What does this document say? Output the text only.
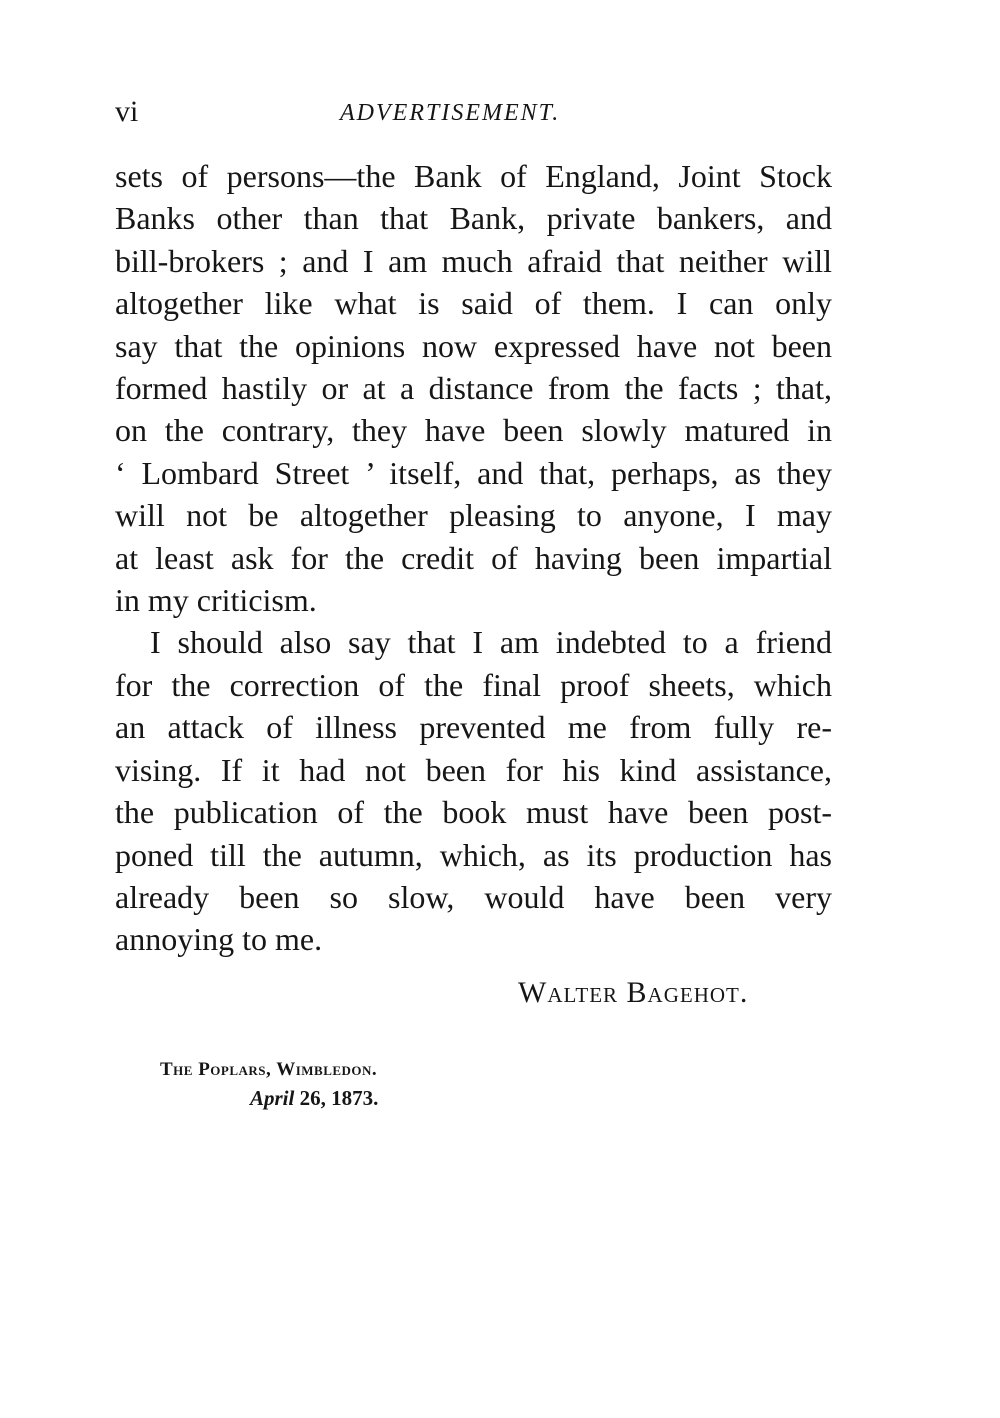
vi	ADVERTISEMENT.
sets of persons—the Bank of England, Joint Stock
Banks other than that Bank, private bankers, and
bill-brokers ; and I am much afraid that neither will
altogether like what is said of them. I can only
say that the opinions now expressed have not been
formed hastily or at a distance from the facts ; that,
on the contrary, they have been slowly matured in
‘ Lombard Street ’ itself, and that, perhaps, as they
will not be altogether pleasing to anyone, I may
at least ask for the credit of having been impartial
in my criticism.
I should also say that I am indebted to a friend
for the correction of the final proof sheets, which
an attack of illness prevented me from fully re-
vising. If it had not been for his kind assistance,
the publication of the book must have been post-
poned till the autumn, which, as its production has
already been so slow, would have been very
annoying to me.
Walter Bagehot.
The Poplars, Wimbledon.
April 26, 1873.
